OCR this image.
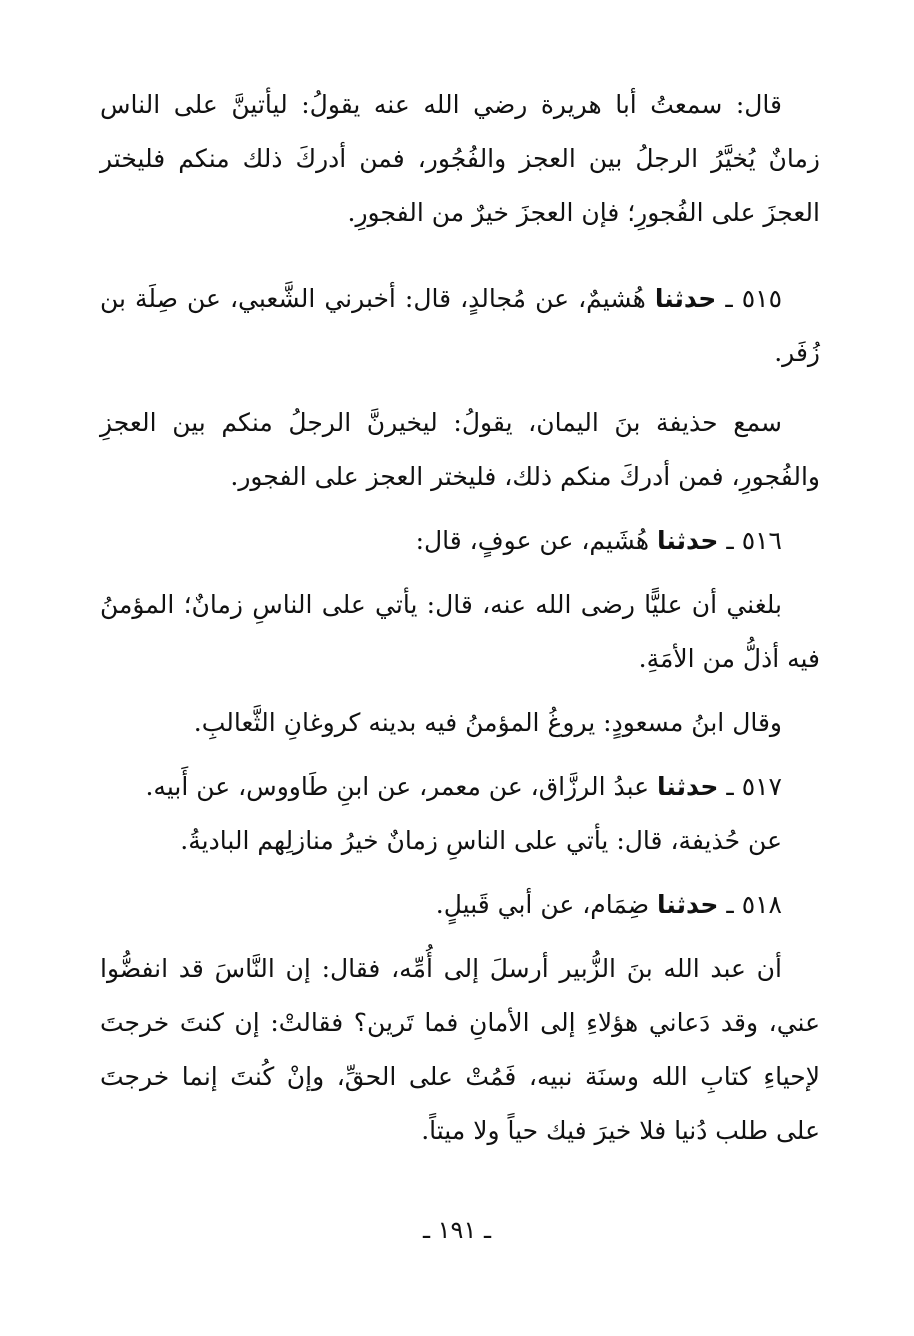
قال: سمعتُ أبا هريرة رضي الله عنه يقولُ: ليأتينَّ على الناس زمانٌ يُخيَّرُ الرجلُ بين العجز والفُجُور، فمن أدركَ ذلك منكم فليختر العجزَ على الفُجورِ؛ فإن العجزَ خيرٌ من الفجورِ.

٥١٥ ـ حدثنا هُشيمٌ، عن مُجالدٍ، قال: أخبرني الشَّعبي، عن صِلَة بن زُفَر.

سمع حذيفة بنَ اليمان، يقولُ: ليخيرنَّ الرجلُ منكم بين العجزِ والفُجورِ، فمن أدركَ منكم ذلك، فليختر العجز على الفجور.

٥١٦ ـ حدثنا هُشَيم، عن عوفٍ، قال:

بلغني أن عليًّا رضى الله عنه، قال: يأتي على الناسِ زمانٌ؛ المؤمنُ فيه أذلُّ من الأمَةِ.

وقال ابنُ مسعودٍ: يروغُ المؤمنُ فيه بدينه كروغانِ الثَّعالبِ.

٥١٧ ـ حدثنا عبدُ الرزَّاق، عن معمر، عن ابنِ طَاووس، عن أَبيه.

عن حُذيفة، قال: يأتي على الناسِ زمانٌ خيرُ منازلِهم الباديةُ.

٥١٨ ـ حدثنا ضِمَام، عن أبي قَبيلٍ.

أن عبد الله بنَ الزُّبير أرسلَ إلى أُمِّه، فقال: إن النَّاسَ قد انفضُّوا عني، وقد دَعاني هؤلاءِ إلى الأمانِ فما تَرين؟ فقالتْ: إن كنتَ خرجتَ لإحياءِ كتابِ الله وسنَة نبيه، فَمُتْ على الحقِّ، وإنْ كُنتَ إنما خرجتَ على طلب دُنيا فلا خيرَ فيك حياً ولا ميتاً.

ـ ١٩١ ـ
